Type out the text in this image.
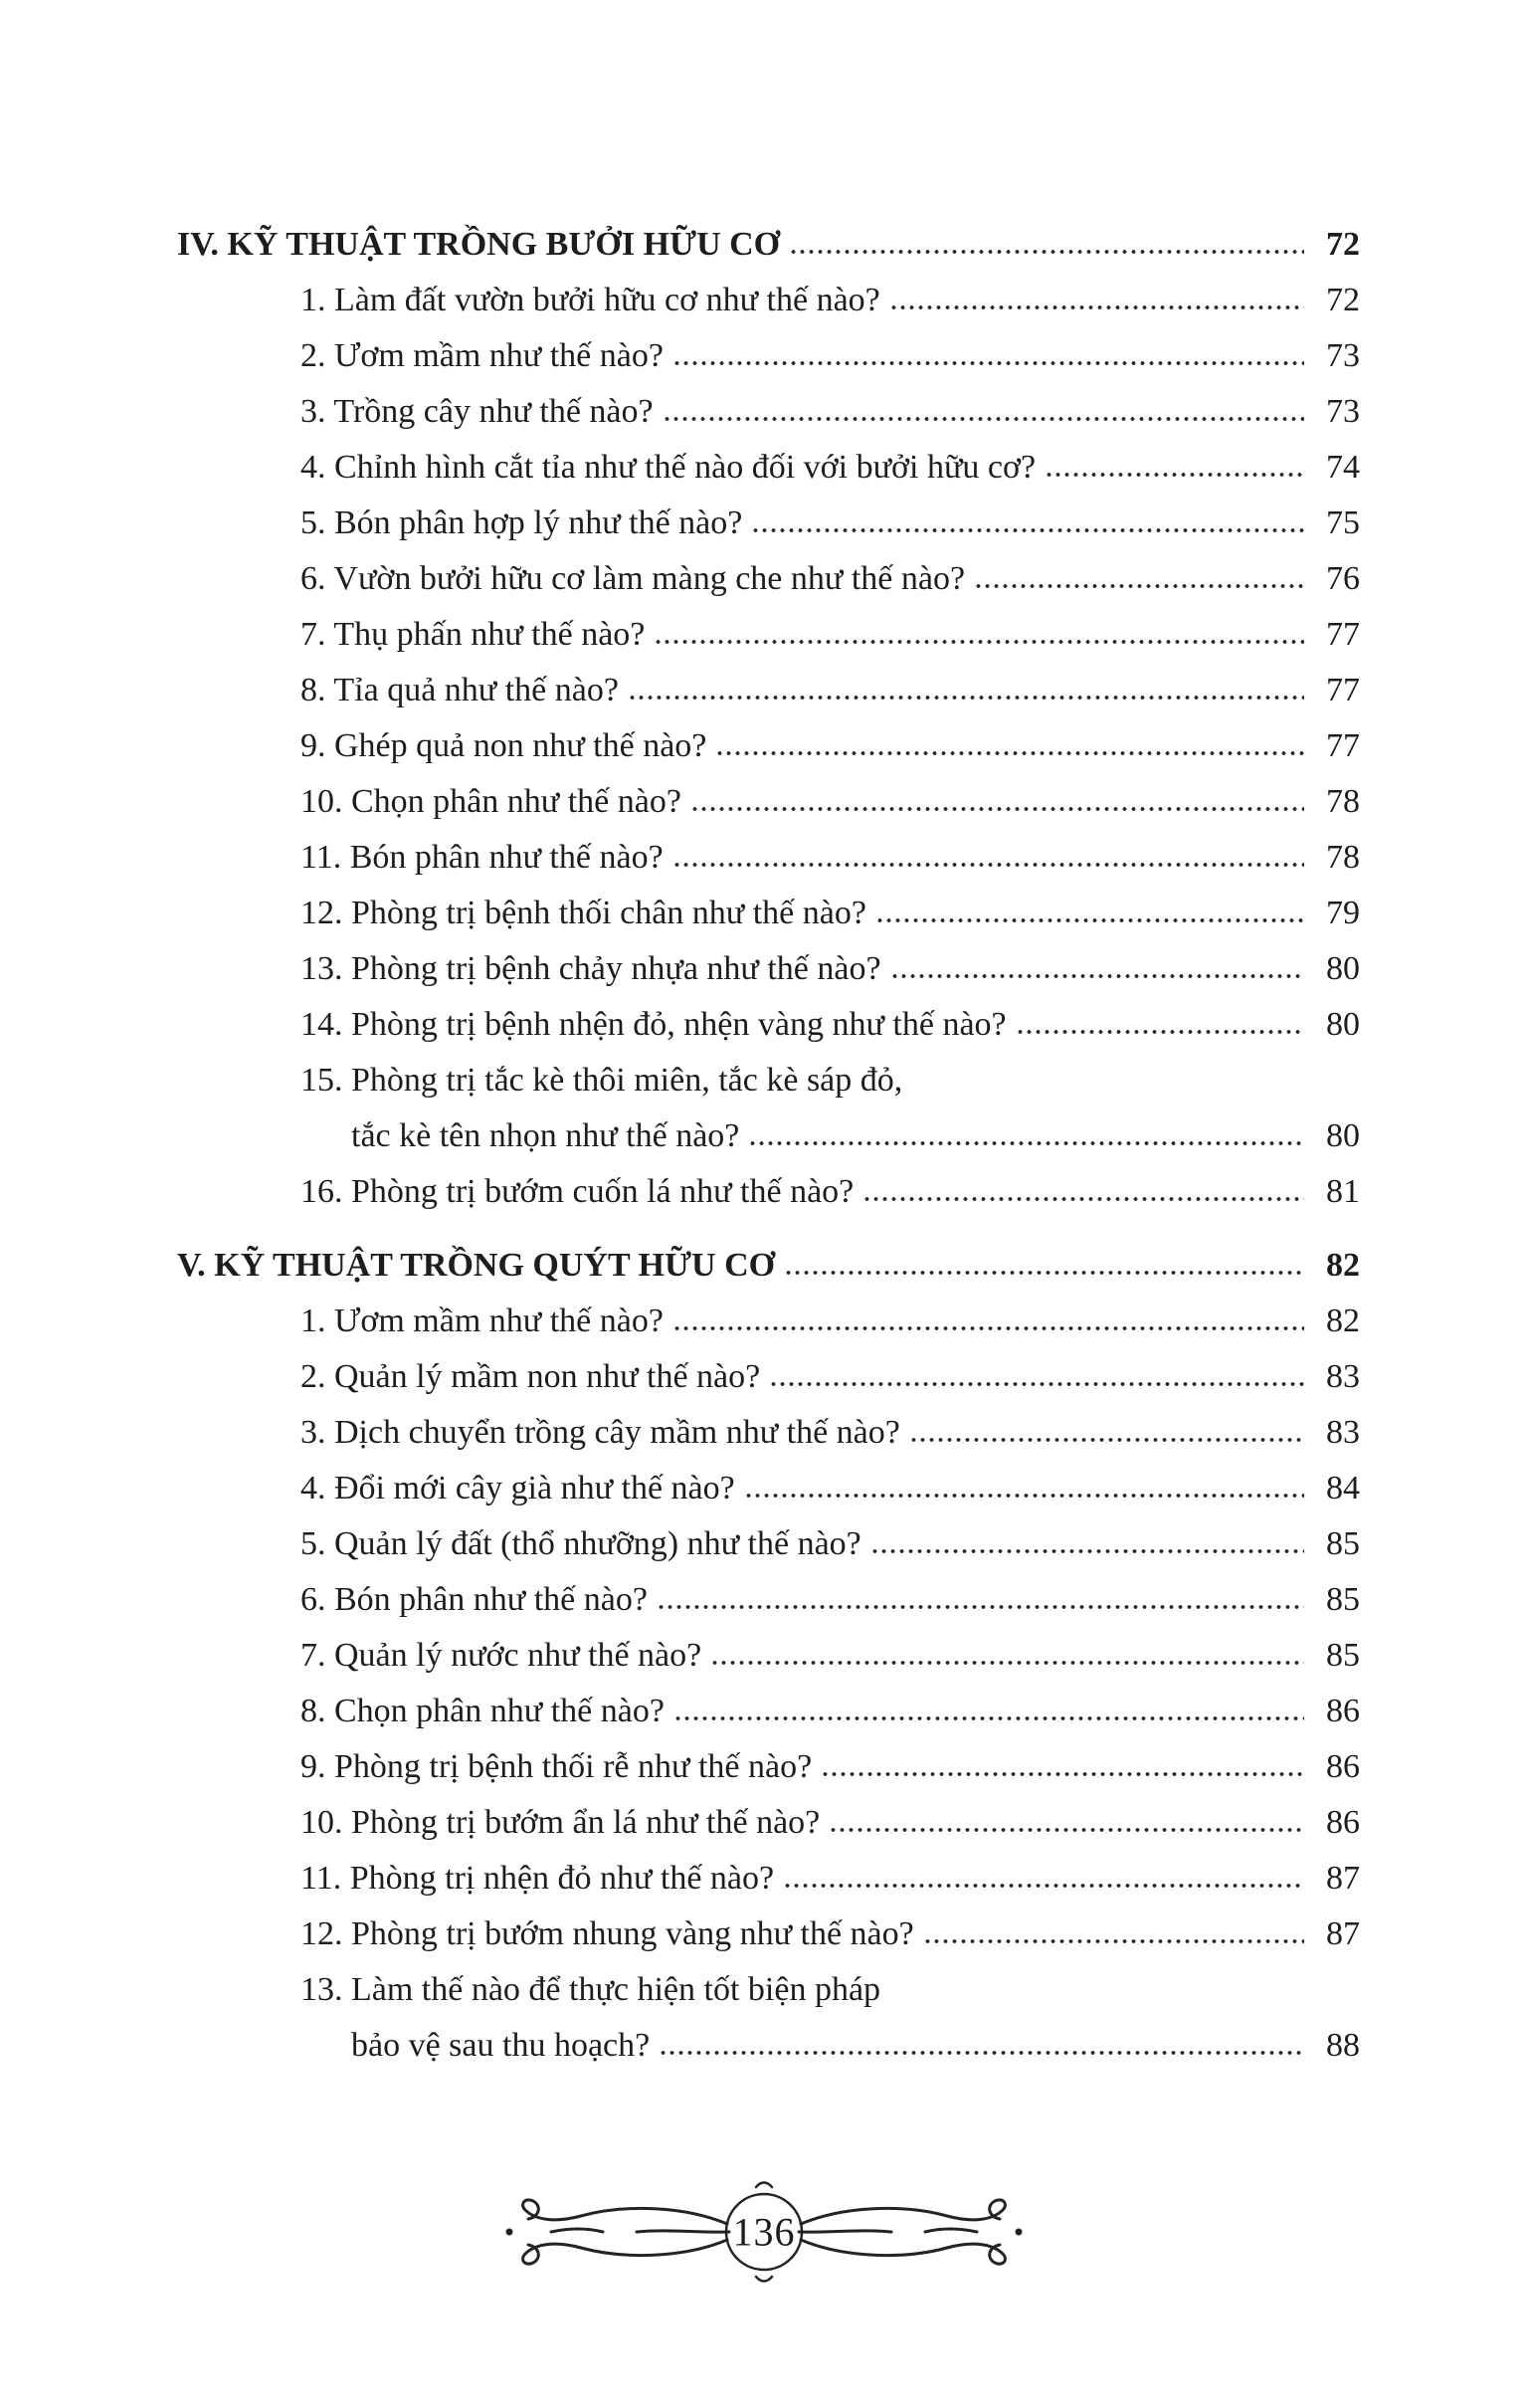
IV. KỸ THUẬT TRỒNG BƯỞI HỮU CƠ	72
1. Làm đất vườn bưởi hữu cơ như thế nào?	72
2. Ươm mầm như thế nào?	73
3. Trồng cây như thế nào?	73
4. Chỉnh hình cắt tỉa như thế nào đối với bưởi hữu cơ?	74
5. Bón phân hợp lý như thế nào?	75
6. Vườn bưởi hữu cơ làm màng che như thế nào?	76
7. Thụ phấn như thế nào?	77
8. Tỉa quả như thế nào?	77
9. Ghép quả non như thế nào?	77
10. Chọn phân như thế nào?	78
11. Bón phân như thế nào?	78
12. Phòng trị bệnh thối chân như thế nào?	79
13. Phòng trị bệnh chảy nhựa như thế nào?	80
14. Phòng trị bệnh nhện đỏ, nhện vàng như thế nào?	80
15. Phòng trị tắc kè thôi miên, tắc kè sáp đỏ,
tắc kè tên nhọn như thế nào?	80
16. Phòng trị bướm cuốn lá như thế nào?	81
V. KỸ THUẬT TRỒNG QUÝT HỮU CƠ	82
1. Ươm mầm như thế nào?	82
2. Quản lý mầm non như thế nào?	83
3. Dịch chuyển trồng cây mầm như thế nào?	83
4. Đổi mới cây già như thế nào?	84
5. Quản lý đất (thổ nhưỡng) như thế nào?	85
6. Bón phân như thế nào?	85
7. Quản lý nước như thế nào?	85
8. Chọn phân như thế nào?	86
9. Phòng trị bệnh thối rễ như thế nào?	86
10. Phòng trị bướm ẩn lá như thế nào?	86
11. Phòng trị nhện đỏ như thế nào?	87
12. Phòng trị bướm nhung vàng như thế nào?	87
13. Làm thế nào để thực hiện tốt biện pháp
bảo vệ sau thu hoạch?	88
136
